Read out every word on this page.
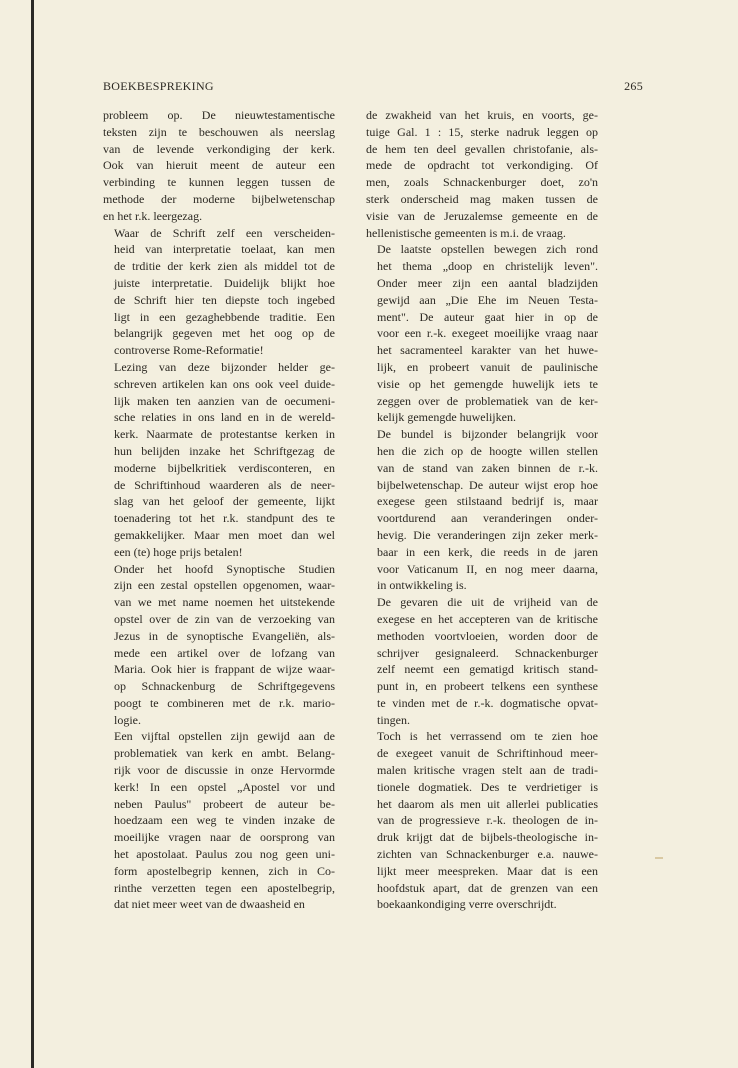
BOEKBESPREKING	265

probleem op. De nieuwtestamentische
teksten zijn te beschouwen als neerslag
van de levende verkondiging der kerk.
Ook van hieruit meent de auteur een
verbinding te kunnen leggen tussen de
methode der moderne bijbelwetenschap
en het r.k. leergezag.

Waar de Schrift zelf een verscheiden-
heid van interpretatie toelaat, kan men
de trditie der kerk zien als middel tot de
juiste interpretatie. Duidelijk blijkt hoe
de Schrift hier ten diepste toch ingebed
ligt in een gezaghebbende traditie. Een
belangrijk gegeven met het oog op de
controverse Rome-Reformatie!

Lezing van deze bijzonder helder ge-
schreven artikelen kan ons ook veel duide-
lijk maken ten aanzien van de oecumeni-
sche relaties in ons land en in de wereld-
kerk. Naarmate de protestantse kerken in
hun belijden inzake het Schriftgezag de
moderne bijbelkritiek verdisconteren, en
de Schriftinhoud waarderen als de neer-
slag van het geloof der gemeente, lijkt
toenadering tot het r.k. standpunt des te
gemakkelijker. Maar men moet dan wel
een (te) hoge prijs betalen!

Onder het hoofd Synoptische Studien
zijn een zestal opstellen opgenomen, waar-
van we met name noemen het uitstekende
opstel over de zin van de verzoeking van
Jezus in de synoptische Evangeliën, als-
mede een artikel over de lofzang van
Maria. Ook hier is frappant de wijze waar-
op Schnackenburg de Schriftgegevens
poogt te combineren met de r.k. mario-
logie.

Een vijftal opstellen zijn gewijd aan de
problematiek van kerk en ambt. Belang-
rijk voor de discussie in onze Hervormde
kerk! In een opstel „Apostel vor und
neben Paulus" probeert de auteur be-
hoedzaam een weg te vinden inzake de
moeilijke vragen naar de oorsprong van
het apostolaat. Paulus zou nog geen uni-
form apostelbegrip kennen, zich in Co-
rinthe verzetten tegen een apostelbegrip,
dat niet meer weet van de dwaasheid en

de zwakheid van het kruis, en voorts, ge-
tuige Gal. 1 : 15, sterke nadruk leggen op
de hem ten deel gevallen christofanie, als-
mede de opdracht tot verkondiging. Of
men, zoals Schnackenburger doet, zo'n
sterk onderscheid mag maken tussen de
visie van de Jeruzalemse gemeente en de
hellenistische gemeenten is m.i. de vraag.

De laatste opstellen bewegen zich rond
het thema „doop en christelijk leven".
Onder meer zijn een aantal bladzijden
gewijd aan „Die Ehe im Neuen Testa-
ment". De auteur gaat hier in op de
voor een r.-k. exegeet moeilijke vraag naar
het sacramenteel karakter van het huwe-
lijk, en probeert vanuit de paulinische
visie op het gemengde huwelijk iets te
zeggen over de problematiek van de ker-
kelijk gemengde huwelijken.

De bundel is bijzonder belangrijk voor
hen die zich op de hoogte willen stellen
van de stand van zaken binnen de r.-k.
bijbelwetenschap. De auteur wijst erop hoe
exegese geen stilstaand bedrijf is, maar
voortdurend aan veranderingen onder-
hevig. Die veranderingen zijn zeker merk-
baar in een kerk, die reeds in de jaren
voor Vaticanum II, en nog meer daarna,
in ontwikkeling is.

De gevaren die uit de vrijheid van de
exegese en het accepteren van de kritische
methoden voortvloeien, worden door de
schrijver gesignaleerd. Schnackenburger
zelf neemt een gematigd kritisch stand-
punt in, en probeert telkens een synthese
te vinden met de r.-k. dogmatische opvat-
tingen.

Toch is het verrassend om te zien hoe
de exegeet vanuit de Schriftinhoud meer-
malen kritische vragen stelt aan de tradi-
tionele dogmatiek. Des te verdrietiger is
het daarom als men uit allerlei publicaties
van de progressieve r.-k. theologen de in-
druk krijgt dat de bijbels-theologische in-
zichten van Schnackenburger e.a. nauwe-
lijkt meer meespreken. Maar dat is een
hoofdstuk apart, dat de grenzen van een
boekaankondiging verre overschrijdt.
